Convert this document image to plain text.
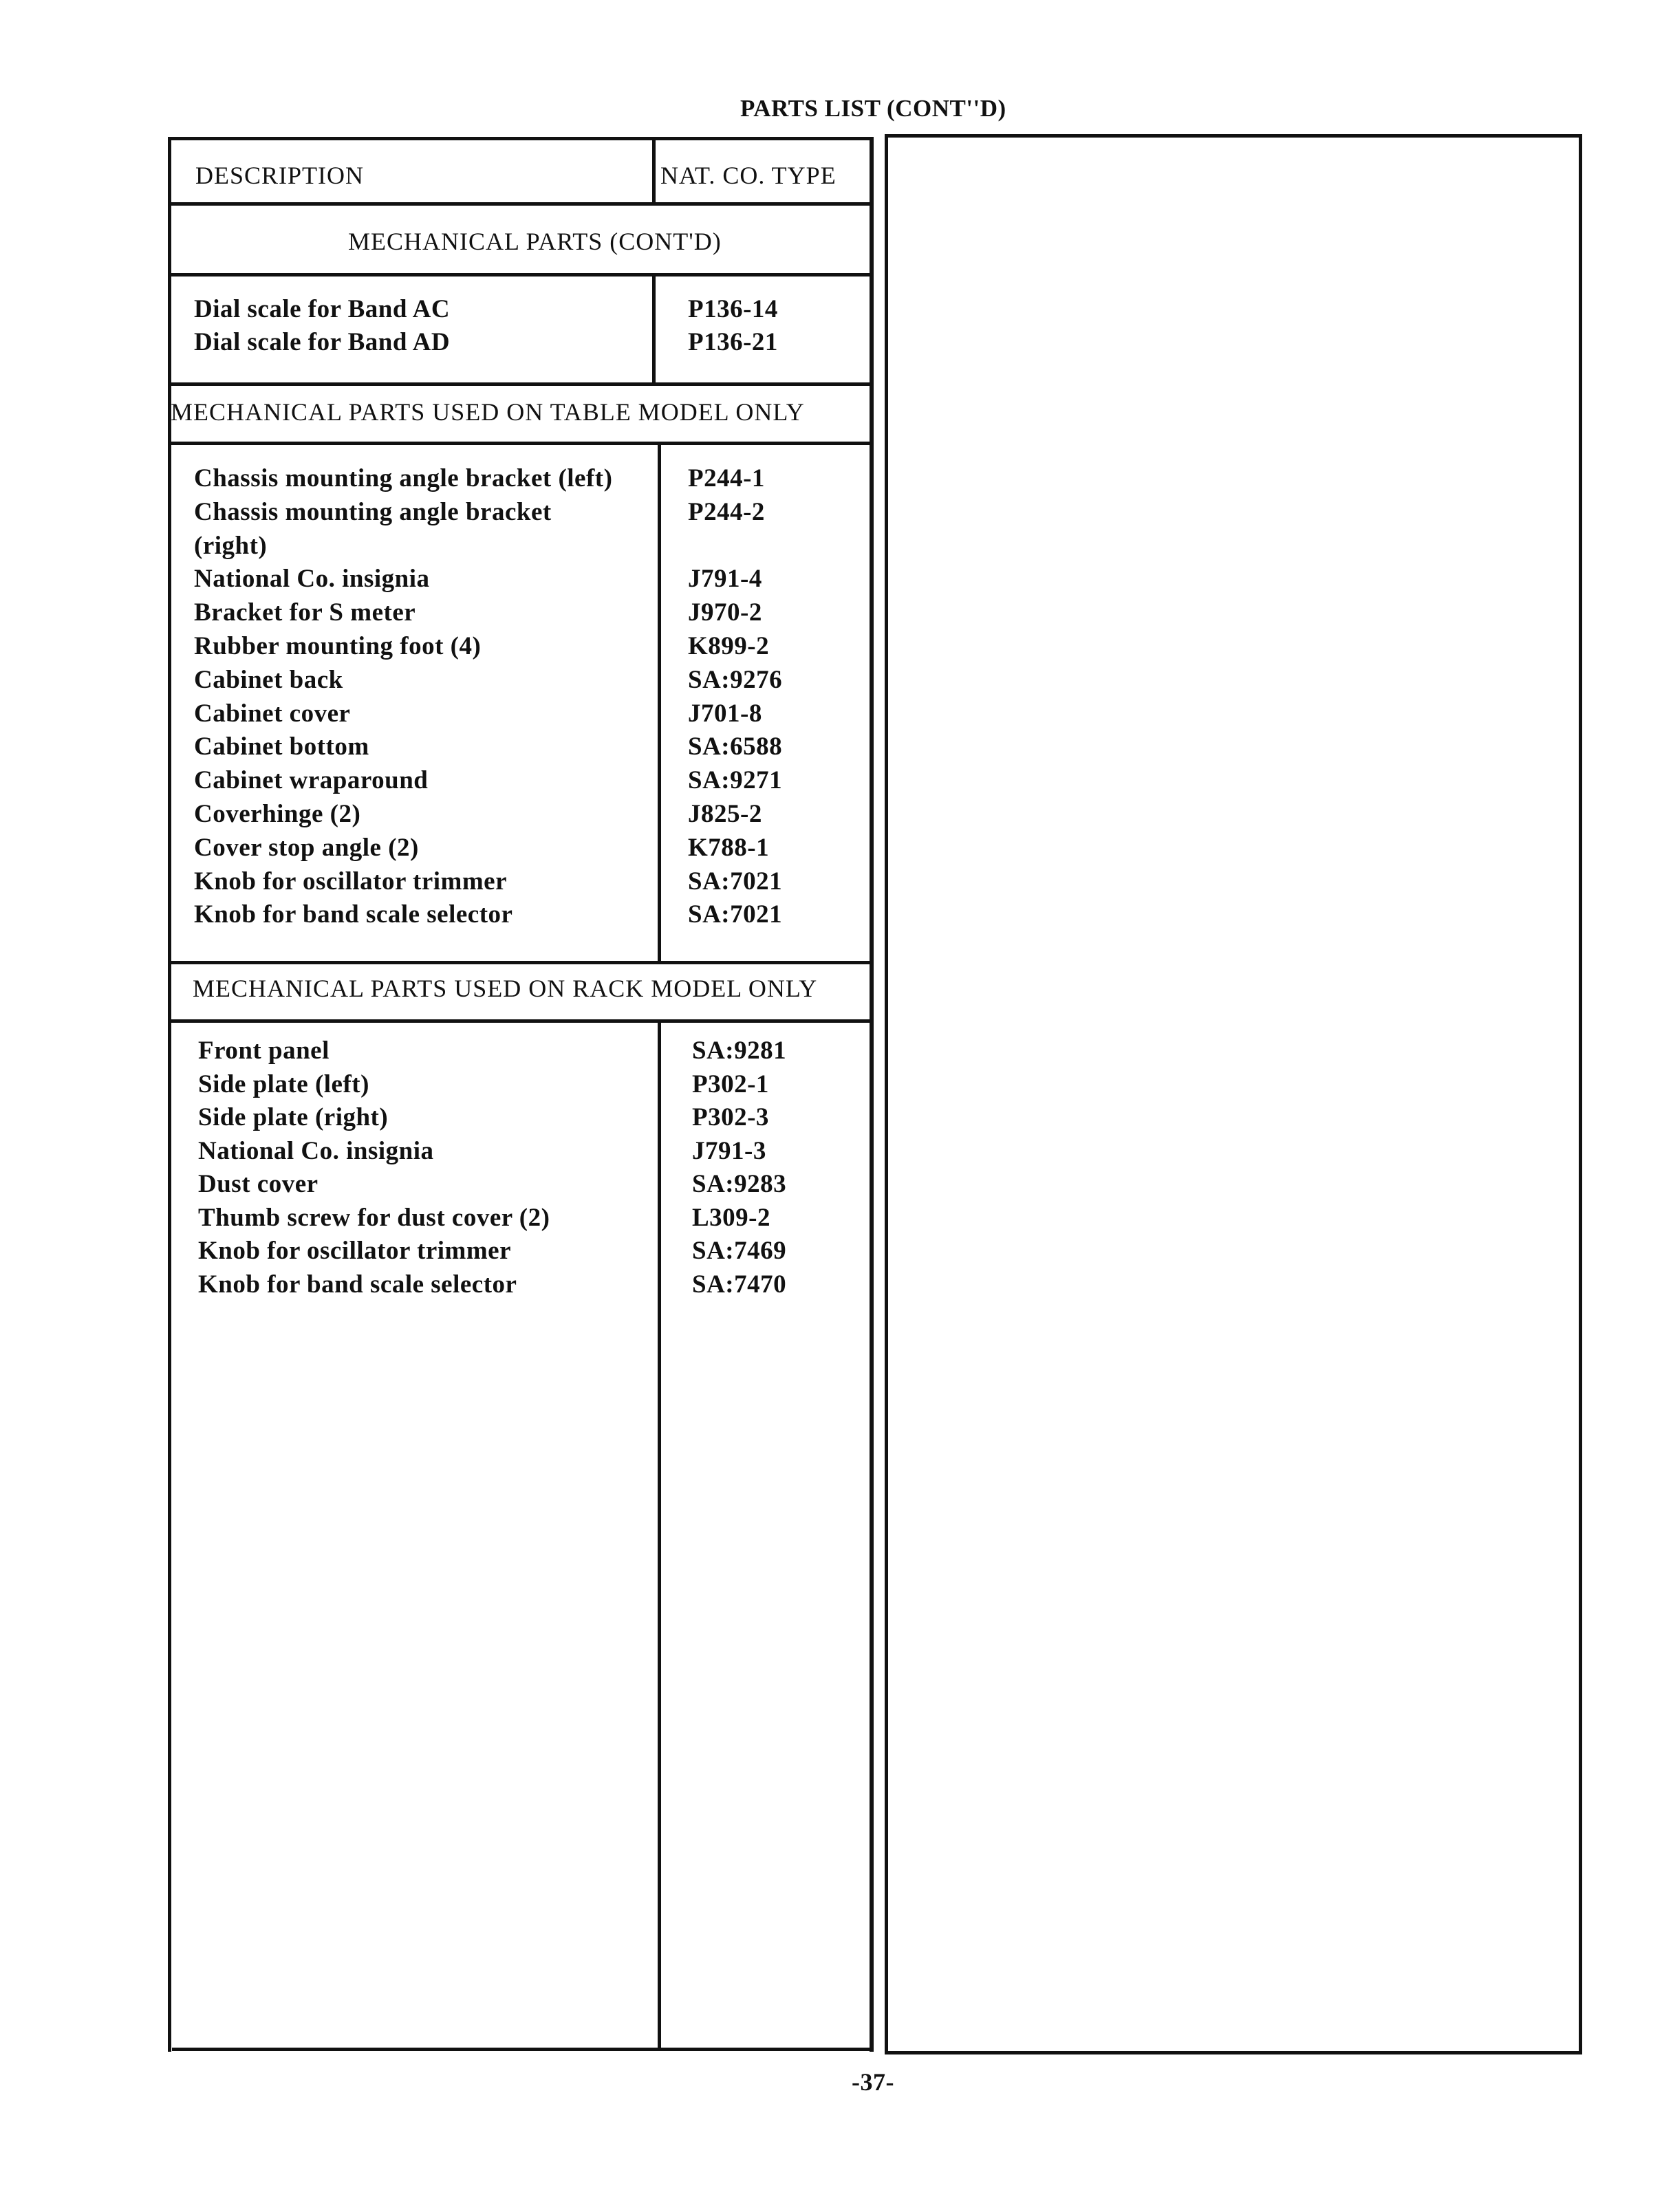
PARTS LIST (CONT''D)
DESCRIPTION	NAT. CO. TYPE
MECHANICAL PARTS (CONT'D)
MECHANICAL PARTS USED ON TABLE MODEL ONLY
MECHANICAL PARTS USED ON RACK MODEL ONLY
Dial scale for Band AC	P136-14
Dial scale for Band AD	P136-21
Chassis mounting angle bracket (left)	P244-1
Chassis mounting angle bracket	P244-2
(right)
National Co. insignia	J791-4
Bracket for S meter	J970-2
Rubber mounting foot (4)	K899-2
Cabinet back	SA:9276
Cabinet cover	J701-8
Cabinet bottom	SA:6588
Cabinet wraparound	SA:9271
Coverhinge (2)	J825-2
Cover stop angle (2)	K788-1
Knob for oscillator trimmer	SA:7021
Knob for band scale selector	SA:7021
Front panel	SA:9281
Side plate (left)	P302-1
Side plate (right)	P302-3
National Co. insignia	J791-3
Dust cover	SA:9283
Thumb screw for dust cover (2)	L309-2
Knob for oscillator trimmer	SA:7469
Knob for band scale selector	SA:7470
-37-
